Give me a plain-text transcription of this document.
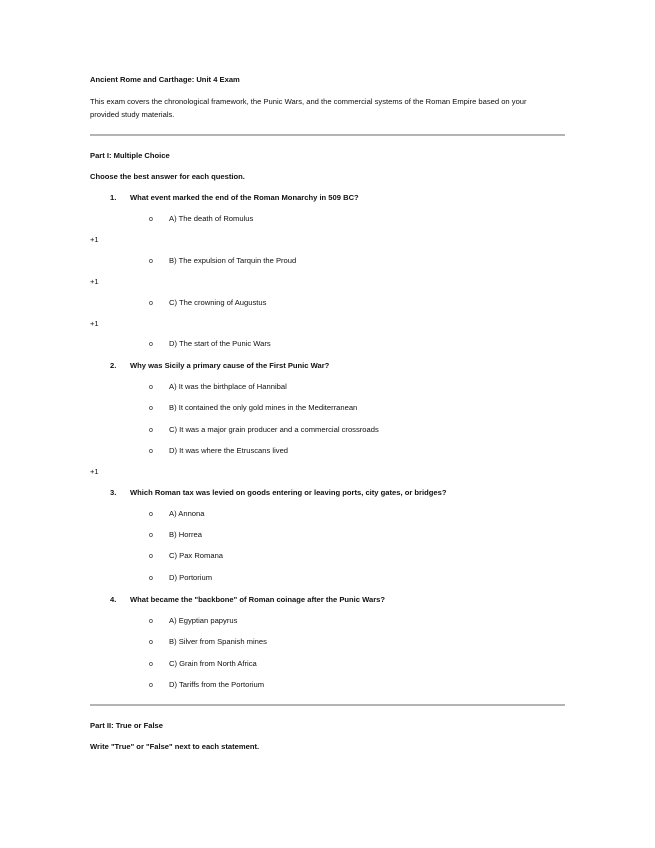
Ancient Rome and Carthage: Unit 4 Exam
This exam covers the chronological framework, the Punic Wars, and the commercial systems of the Roman Empire based on your
provided study materials.
Part I: Multiple Choice
Choose the best answer for each question.
1. What event marked the end of the Roman Monarchy in 509 BC?
o A) The death of Romulus
+1
o B) The expulsion of Tarquin the Proud
+1
o C) The crowning of Augustus
+1
o D) The start of the Punic Wars
2. Why was Sicily a primary cause of the First Punic War?
o A) It was the birthplace of Hannibal
o B) It contained the only gold mines in the Mediterranean
o C) It was a major grain producer and a commercial crossroads
o D) It was where the Etruscans lived
+1
3. Which Roman tax was levied on goods entering or leaving ports, city gates, or bridges?
o A) Annona
o B) Horrea
o C) Pax Romana
o D) Portorium
4. What became the "backbone" of Roman coinage after the Punic Wars?
o A) Egyptian papyrus
o B) Silver from Spanish mines
o C) Grain from North Africa
o D) Tariffs from the Portorium
Part II: True or False
Write "True" or "False" next to each statement.
